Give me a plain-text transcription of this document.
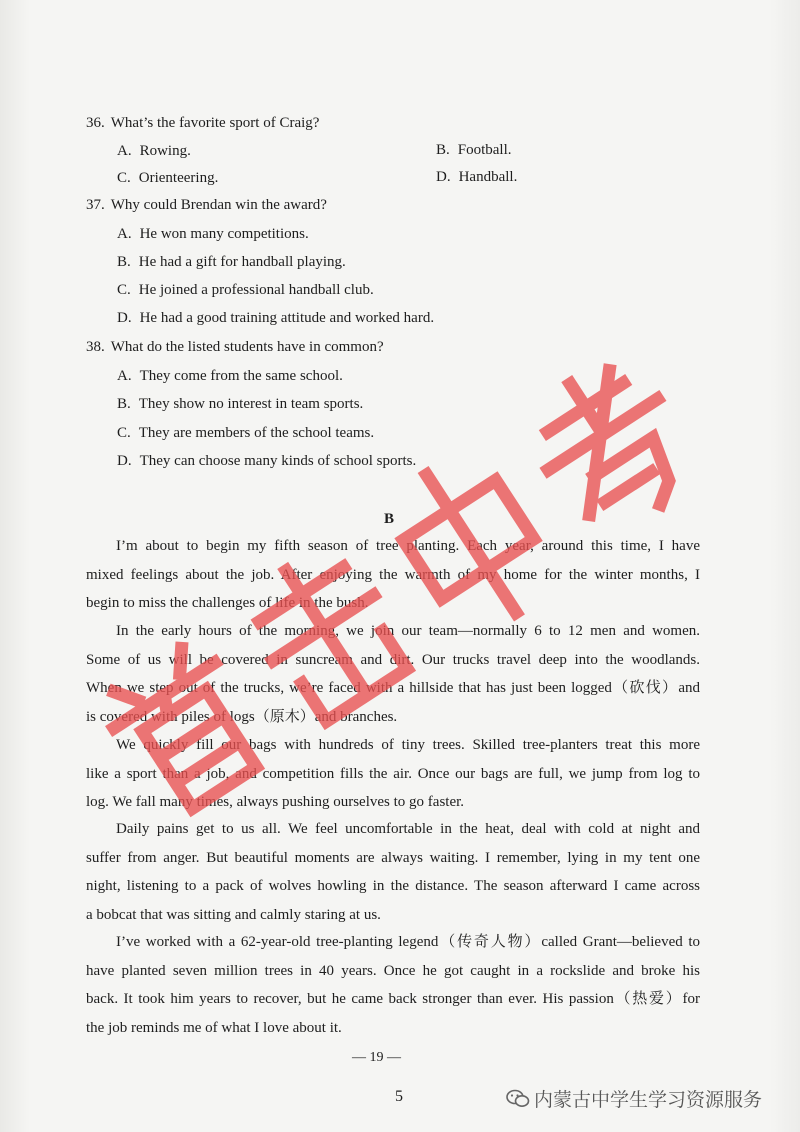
36. What’s the favorite sport of Craig?
A. Rowing.	B. Football.
C. Orienteering.	D. Handball.
37. Why could Brendan win the award?
A. He won many competitions.
B. He had a gift for handball playing.
C. He joined a professional handball club.
D. He had a good training attitude and worked hard.
38. What do the listed students have in common?
A. They come from the same school.
B. They show no interest in team sports.
C. They are members of the school teams.
D. They can choose many kinds of school sports.
B
I’m about to begin my fifth season of tree planting. Each year, around this time, I have
mixed feelings about the job. After enjoying the warmth of my home for the winter months, I
begin to miss the challenges of life in the bush.
In the early hours of the morning, we join our team—normally 6 to 12 men and women.
Some of us will be covered in suncream and dirt. Our trucks travel deep into the woodlands.
When we step out of the trucks, we’re faced with a hillside that has just been logged（砍伐）and
is covered with piles of logs（原木）and branches.
We quickly fill our bags with hundreds of tiny trees. Skilled tree-planters treat this more
like a sport than a job, and competition fills the air. Once our bags are full, we jump from log to
log. We fall many times, always pushing ourselves to go faster.
Daily pains get to us all. We feel uncomfortable in the heat, deal with cold at night and
suffer from anger. But beautiful moments are always waiting. I remember, lying in my tent one
night, listening to a pack of wolves howling in the distance. The season afterward I came across
a bobcat that was sitting and calmly staring at us.
I’ve worked with a 62-year-old tree-planting legend（传奇人物）called Grant—believed to
have planted seven million trees in 40 years. Once he got caught in a rockslide and broke his
back. It took him years to recover, but he came back stronger than ever. His passion（热爱）for
the job reminds me of what I love about it.
— 19 —
5	内蒙古中学生学习资源服务
